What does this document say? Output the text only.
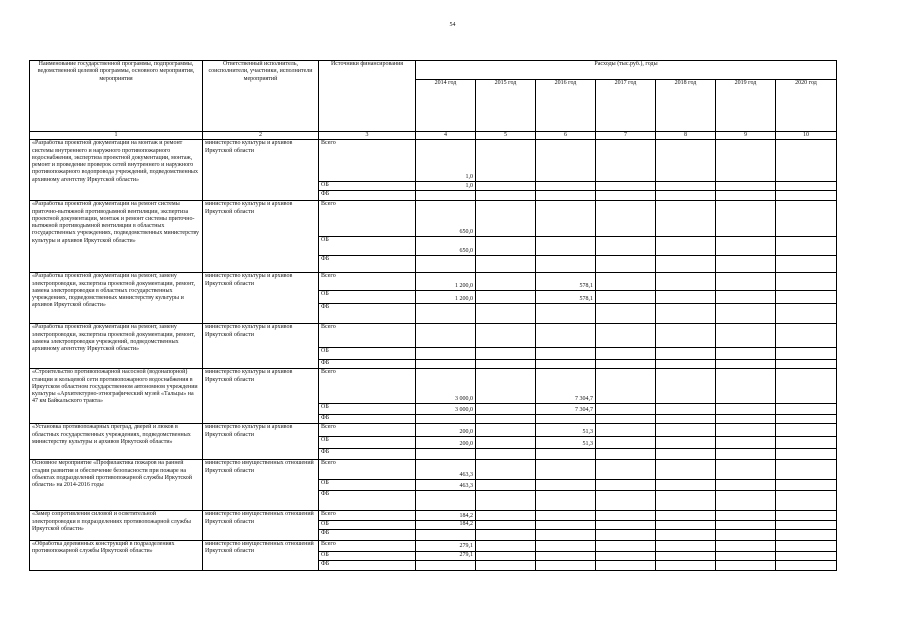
54
Наименование государственной программы, подпрограммы, ведомственной целевой программы, основного мероприятия, мероприятия	Ответственный исполнитель, соисполнители, участники, исполнители мероприятий	Источники финансирования	Расходы (тыс.руб.), годы						
			2014 год	2015 год	2016 год	2017 год	2018 год	2019 год	2020 год
1	2	3	4	5	6	7	8	9	10
«Разработка проектной документации на монтаж и ремонт системы внутреннего и наружного противопожарного водоснабжения, экспертиза проектной документации, монтаж, ремонт и проведение проверок сетей внутреннего и наружного противопожарного водопровода учреждений, подведомственных архивному агентству Иркутской области»	министерство культуры и архивов Иркутской области	Всего	1,0						
		ОБ	1,0						
		ФБ							
«Разработка проектной документации на ремонт системы приточно-вытяжной противодымной вентиляции, экспертиза проектной документации, монтаж и ремонт системы приточно-вытяжной противодымной вентиляции в областных государственных учреждениях, подведомственных министерству культуры и архивов Иркутской области»	министерство культуры и архивов Иркутской области	Всего	650,0						
		ОБ	650,0						
		ФБ							
«Разработка проектной документации на ремонт, замену электропроводки, экспертиза проектной документации, ремонт, замена электропроводки в областных государственных учреждениях, подведомственных министерству культуры и архивов Иркутской области»	министерство культуры и архивов Иркутской области	Всего	1 200,0		578,1				
		ОБ	1 200,0		578,1				
		ФБ							
«Разработка проектной документации на ремонт, замену электропроводки, экспертиза проектной документации, ремонт, замена электропроводки учреждений, подведомственных архивному агентству Иркутской области»	министерство культуры и архивов Иркутской области	Всего							
		ОБ							
		ФБ							
«Строительство противопожарной насосной (водонапорной) станции и кольцевой сети противопожарного водоснабжения в Иркутском областном государственном автономном учреждении культуры «Архитектурно-этнографический музей «Тальцы» на 47 км Байкальского тракта»	министерство культуры и архивов Иркутской области	Всего	3 000,0		7 304,7				
		ОБ	3 000,0		7 304,7				
		ФБ							
«Установка противопожарных преград, дверей и люков в областных государственных учреждениях, подведомственных министерству культуры и архивов Иркутской области»	министерство культуры и архивов Иркутской области	Всего	200,0		51,3				
		ОБ	200,0		51,3				
		ФБ							
Основное мероприятие «Профилактика пожаров на ранней стадии развития и обеспечение безопасности при пожаре на объектах подразделений противопожарной службы Иркутской области» на 2014-2016 годы	министерство имущественных отношений Иркутской области	Всего	463,3						
		ОБ	463,3						
		ФБ							
«Замер сопротивления силовой и осветительной электропроводки в подразделениях противопожарной службы Иркутской области»	министерство имущественных отношений Иркутской области	Всего	184,2						
		ОБ	184,2						
		ФБ							
«Обработка деревянных конструкций в подразделениях противопожарной службы Иркутской области»	министерство имущественных отношений Иркутской области	Всего	279,1						
		ОБ	279,1						
		ФБ							
